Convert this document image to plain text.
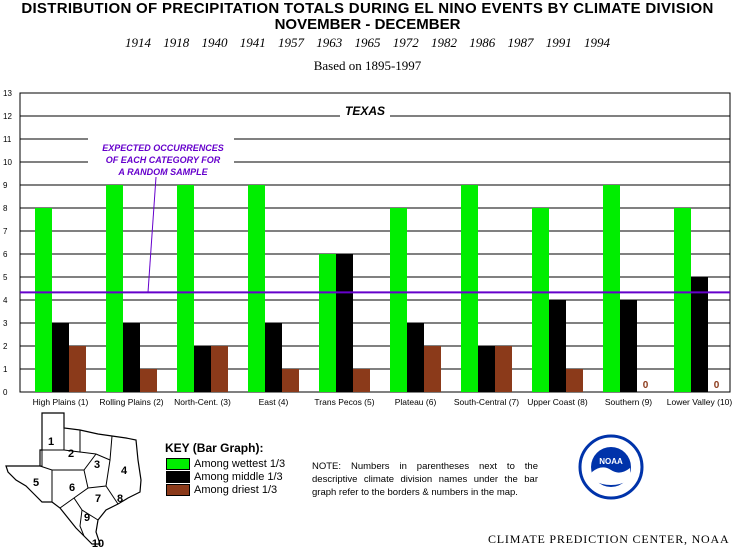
DISTRIBUTION OF PRECIPITATION TOTALS DURING EL NINO EVENTS BY CLIMATE DIVISION
NOVEMBER - DECEMBER
1914 1918 1940 1941 1957 1963 1965 1972 1982 1986 1987 1991 1994
Based on 1895-1997
0
1
2
3
4
5
6
7
8
9
10
11
12
13
TEXAS
EXPECTED OCCURRENCES
OF EACH CATEGORY FOR
A RANDOM SAMPLE
High Plains (1) Rolling Plains (2) North-Cent. (3)	East (4)	Trans Pecos (5) Plateau (6) South-Central (7) Upper Coast (8)
0
Southern (9)
0
Lower Valley (10)
1
2
3 4
5	6
7 8
9
10
KEY (Bar Graph):
Among wettest 1/3
Among middle 1/3
Among driest 1/3
NOTE: Numbers in parentheses next to the descriptive climate division names under the bar graph refer to the borders & numbers in the map.
NOAA
CLIMATE PREDICTION CENTER, NOAA
